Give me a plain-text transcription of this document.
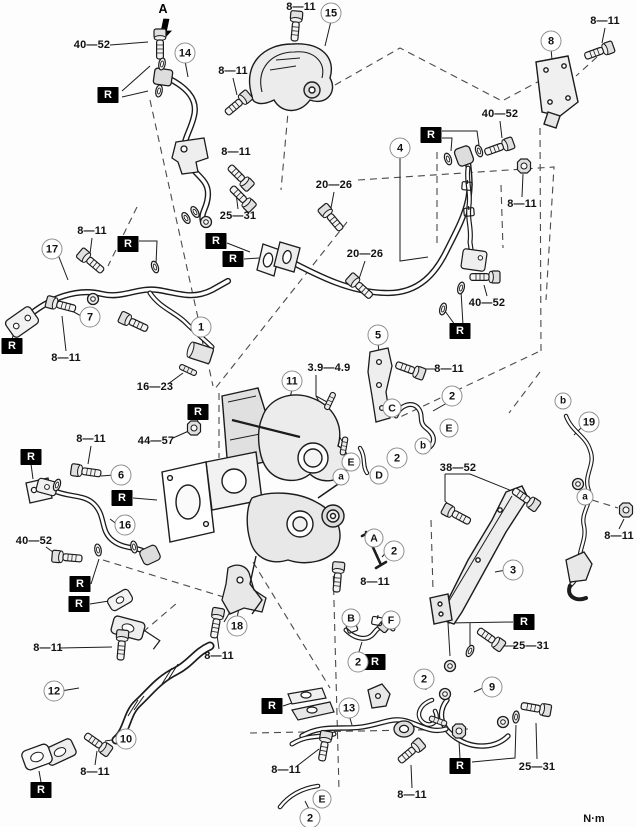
A
N·m
8—11
8—11
40—52
8—11
40—52
8—11
20—26
8—11
25—31
8—11
20—26
40—52
8—11
3.9—4.9	8—11
16—23
8—11	44—57
38—52
8—11
40—52
8—11
25—31
8—11
8—11
25—31
8—11
8—11
8—11
R
R
R
R
R
R
R
R
R
R
R
R
R
R
R
R
R
15
8
14
4
17
7
1
5
11
2
19
2
6
16
2
3
18
2
2
9
12
13
10
2
C
b
E
b
E
D
a
a
A
B	F
E
